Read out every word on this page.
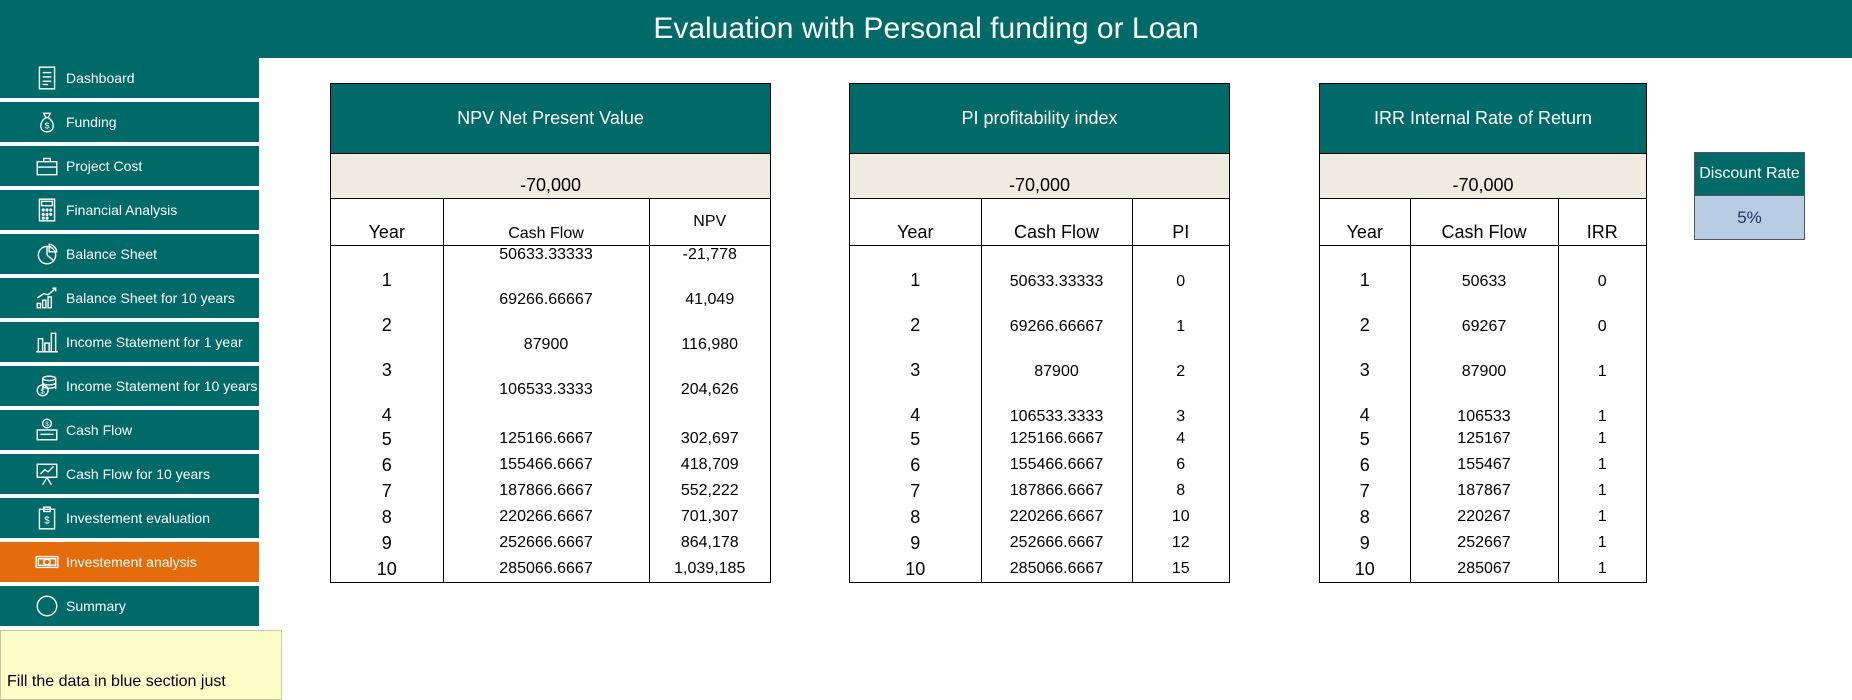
Evaluation with Personal funding or Loan
Dashboard
$ Funding
Project Cost
Financial Analysis
Balance Sheet
Balance Sheet for 10 years
Income Statement for 1 year
$ Income Statement for 10 years
$ Cash Flow
Cash Flow for 10 years
$ Investement evaluation
Investement analysis
Summary
Fill the data in blue section just
NPV Net Present Value
-70,000
Year	Cash Flow	NPV
1	50633.33333	-21,778
2	69266.66667	41,049
3	87900	116,980
4	106533.3333	204,626
5	125166.6667	302,697
6	155466.6667	418,709
7	187866.6667	552,222
8	220266.6667	701,307
9	252666.6667	864,178
10	285066.6667	1,039,185
PI profitability index
-70,000
Year	Cash Flow	PI
1	50633.33333	0
2	69266.66667	1
3	87900	2
4	106533.3333	3
5	125166.6667	4
6	155466.6667	6
7	187866.6667	8
8	220266.6667	10
9	252666.6667	12
10	285066.6667	15
IRR Internal Rate of Return
-70,000
Year	Cash Flow	IRR
1	50633	0
2	69267	0
3	87900	1
4	106533	1
5	125167	1
6	155467	1
7	187867	1
8	220267	1
9	252667	1
10	285067	1
Discount Rate
5%
